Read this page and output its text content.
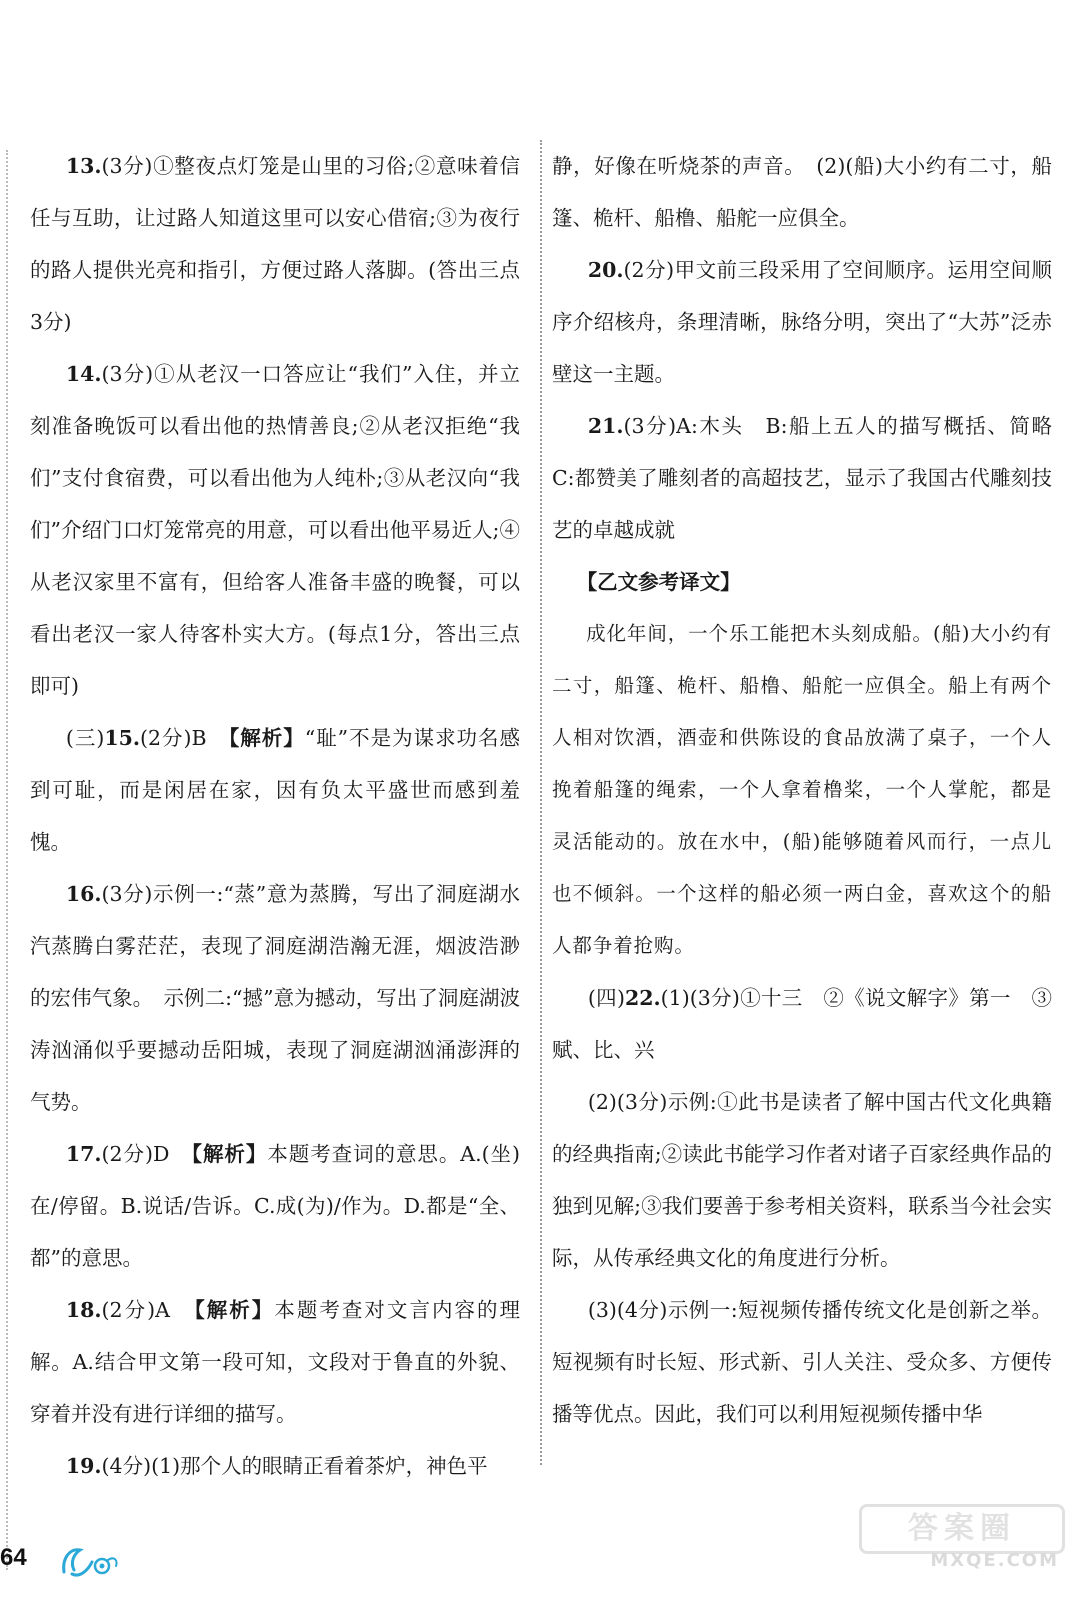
13.(3分)①整夜点灯笼是山里的习俗;②意味着信任与互助，让过路人知道这里可以安心借宿;③为夜行的路人提供光亮和指引，方便过路人落脚。(答出三点3分)

14.(3分)①从老汉一口答应让“我们”入住，并立刻准备晚饭可以看出他的热情善良;②从老汉拒绝“我们”支付食宿费，可以看出他为人纯朴;③从老汉向“我们”介绍门口灯笼常亮的用意，可以看出他平易近人;④从老汉家里不富有，但给客人准备丰盛的晚餐，可以看出老汉一家人待客朴实大方。(每点1分，答出三点即可)

(三)15.(2分)B　【解析】“耻”不是为谋求功名感到可耻，而是闲居在家，因有负太平盛世而感到羞愧。

16.(3分)示例一:“蒸”意为蒸腾，写出了洞庭湖水汽蒸腾白雾茫茫，表现了洞庭湖浩瀚无涯，烟波浩渺的宏伟气象。　示例二:“撼”意为撼动，写出了洞庭湖波涛汹涌似乎要撼动岳阳城，表现了洞庭湖汹涌澎湃的气势。

17.(2分)D　【解析】本题考查词的意思。A.(坐)在/停留。B.说话/告诉。C.成(为)/作为。D.都是“全、都”的意思。

18.(2分)A　【解析】本题考查对文言内容的理解。A.结合甲文第一段可知，文段对于鲁直的外貌、穿着并没有进行详细的描写。

19.(4分)(1)那个人的眼睛正看着茶炉，神色平

静，好像在听烧茶的声音。　(2)(船)大小约有二寸，船篷、桅杆、船橹、船舵一应俱全。

20.(2分)甲文前三段采用了空间顺序。运用空间顺序介绍核舟，条理清晰，脉络分明，突出了“大苏”泛赤壁这一主题。

21.(3分)A:木头　B:船上五人的描写概括、简略　C:都赞美了雕刻者的高超技艺，显示了我国古代雕刻技艺的卓越成就

【乙文参考译文】

成化年间，一个乐工能把木头刻成船。(船)大小约有二寸，船篷、桅杆、船橹、船舵一应俱全。船上有两个人相对饮酒，酒壶和供陈设的食品放满了桌子，一个人挽着船篷的绳索，一个人拿着橹桨，一个人掌舵，都是灵活能动的。放在水中，(船)能够随着风而行，一点儿也不倾斜。一个这样的船必须一两白金，喜欢这个的船人都争着抢购。

(四)22.(1)(3分)①十三　②《说文解字》第一　③赋、比、兴

(2)(3分)示例:①此书是读者了解中国古代文化典籍的经典指南;②读此书能学习作者对诸子百家经典作品的独到见解;③我们要善于参考相关资料，联系当今社会实际，从传承经典文化的角度进行分析。

(3)(4分)示例一:短视频传播传统文化是创新之举。短视频有时长短、形式新、引人关注、受众多、方便传播等优点。因此，我们可以利用短视频传播中华

64
答案圈
MXQE.COM
